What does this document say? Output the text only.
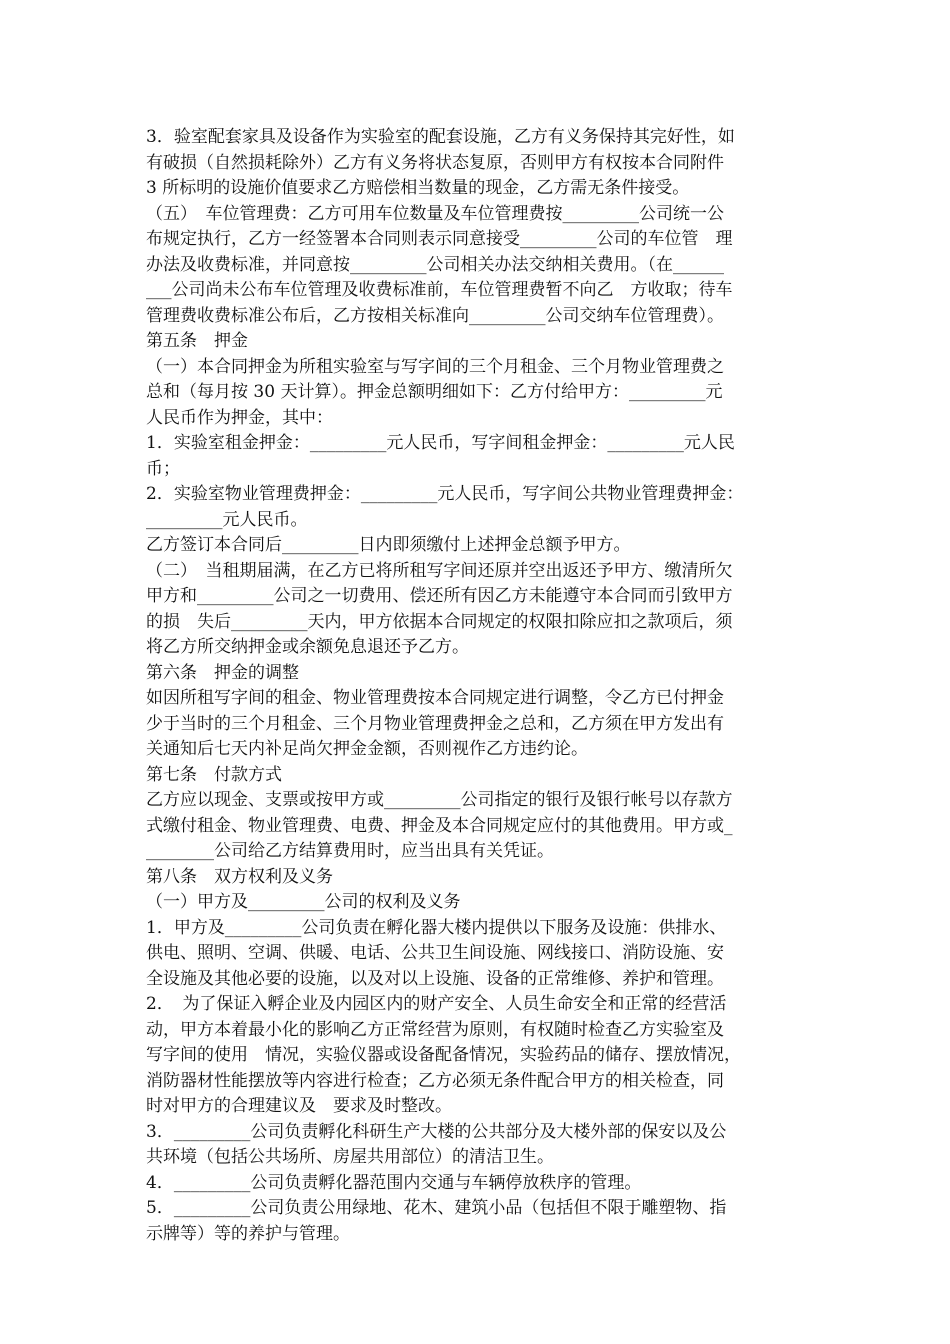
3．验室配套家具及设备作为实验室的配套设施，乙方有义务保持其完好性，如
有破损（自然损耗除外）乙方有义务将状态复原，否则甲方有权按本合同附件
3 所标明的设施价值要求乙方赔偿相当数量的现金，乙方需无条件接受。
（五）　车位管理费：乙方可用车位数量及车位管理费按_________公司统一公
布规定执行，乙方一经签署本合同则表示同意接受_________公司的车位管　理
办法及收费标准，并同意按_________公司相关办法交纳相关费用。（在______
___公司尚未公布车位管理及收费标准前，车位管理费暂不向乙　方收取；待车
管理费收费标准公布后，乙方按相关标准向_________公司交纳车位管理费）。
第五条　押金
（一）本合同押金为所租实验室与写字间的三个月租金、三个月物业管理费之
总和（每月按 30 天计算）。押金总额明细如下：乙方付给甲方：_________元
人民币作为押金，其中：
1．实验室租金押金：_________元人民币，写字间租金押金：_________元人民
币；
2．实验室物业管理费押金：_________元人民币，写字间公共物业管理费押金：
_________元人民币。
乙方签订本合同后_________日内即须缴付上述押金总额予甲方。
（二）　当租期届满，在乙方已将所租写字间还原并空出返还予甲方、缴清所欠
甲方和_________公司之一切费用、偿还所有因乙方未能遵守本合同而引致甲方
的损　失后_________天内，甲方依据本合同规定的权限扣除应扣之款项后，须
将乙方所交纳押金或余额免息退还予乙方。
第六条　押金的调整
如因所租写字间的租金、物业管理费按本合同规定进行调整，令乙方已付押金
少于当时的三个月租金、三个月物业管理费押金之总和，乙方须在甲方发出有
关通知后七天内补足尚欠押金金额，否则视作乙方违约论。
第七条　付款方式
乙方应以现金、支票或按甲方或_________公司指定的银行及银行帐号以存款方
式缴付租金、物业管理费、电费、押金及本合同规定应付的其他费用。甲方或_
________公司给乙方结算费用时，应当出具有关凭证。
第八条　双方权利及义务
（一）甲方及_________公司的权利及义务
1．甲方及_________公司负责在孵化器大楼内提供以下服务及设施：供排水、
供电、照明、空调、供暖、电话、公共卫生间设施、网线接口、消防设施、安
全设施及其他必要的设施，以及对以上设施、设备的正常维修、养护和管理。
2．　为了保证入孵企业及内园区内的财产安全、人员生命安全和正常的经营活
动，甲方本着最小化的影响乙方正常经营为原则，有权随时检查乙方实验室及
写字间的使用　情况，实验仪器或设备配备情况，实验药品的储存、摆放情况，
消防器材性能摆放等内容进行检查；乙方必须无条件配合甲方的相关检查，同
时对甲方的合理建议及　要求及时整改。
3．_________公司负责孵化科研生产大楼的公共部分及大楼外部的保安以及公
共环境（包括公共场所、房屋共用部位）的清洁卫生。
4．_________公司负责孵化器范围内交通与车辆停放秩序的管理。
5．_________公司负责公用绿地、花木、建筑小品（包括但不限于雕塑物、指
示牌等）等的养护与管理。
